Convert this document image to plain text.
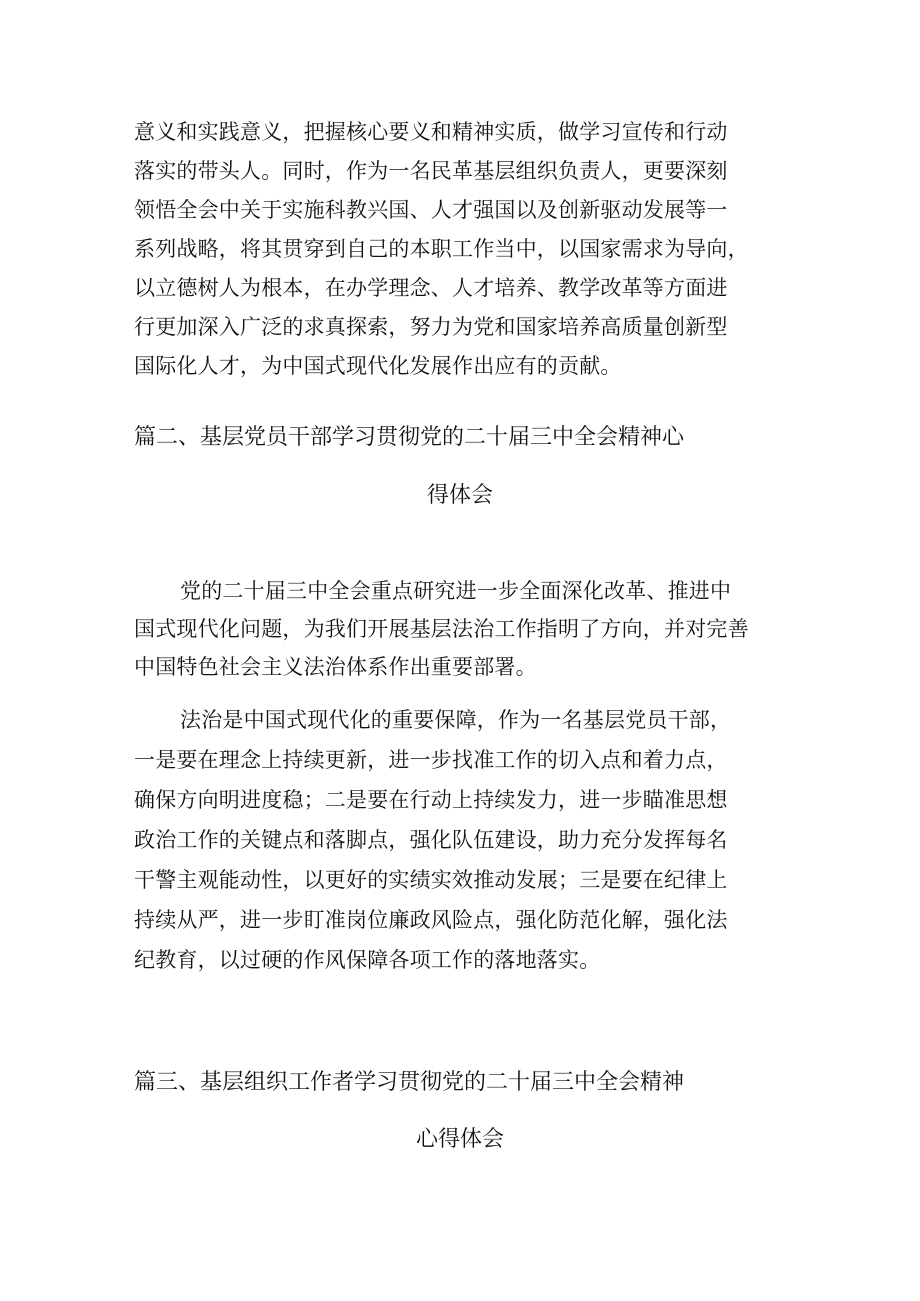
意义和实践意义，把握核心要义和精神实质，做学习宣传和行动
落实的带头人。同时，作为一名民革基层组织负责人，更要深刻
领悟全会中关于实施科教兴国、人才强国以及创新驱动发展等一
系列战略，将其贯穿到自己的本职工作当中，以国家需求为导向，
以立德树人为根本，在办学理念、人才培养、教学改革等方面进
行更加深入广泛的求真探索，努力为党和国家培养高质量创新型
国际化人才，为中国式现代化发展作出应有的贡献。
篇二、基层党员干部学习贯彻党的二十届三中全会精神心
得体会
党的二十届三中全会重点研究进一步全面深化改革、推进中
国式现代化问题，为我们开展基层法治工作指明了方向，并对完善
中国特色社会主义法治体系作出重要部署。
法治是中国式现代化的重要保障，作为一名基层党员干部，
一是要在理念上持续更新，进一步找准工作的切入点和着力点，
确保方向明进度稳；二是要在行动上持续发力，进一步瞄准思想
政治工作的关键点和落脚点，强化队伍建设，助力充分发挥每名
干警主观能动性，以更好的实绩实效推动发展；三是要在纪律上
持续从严，进一步盯准岗位廉政风险点，强化防范化解，强化法
纪教育，以过硬的作风保障各项工作的落地落实。
篇三、基层组织工作者学习贯彻党的二十届三中全会精神
心得体会
